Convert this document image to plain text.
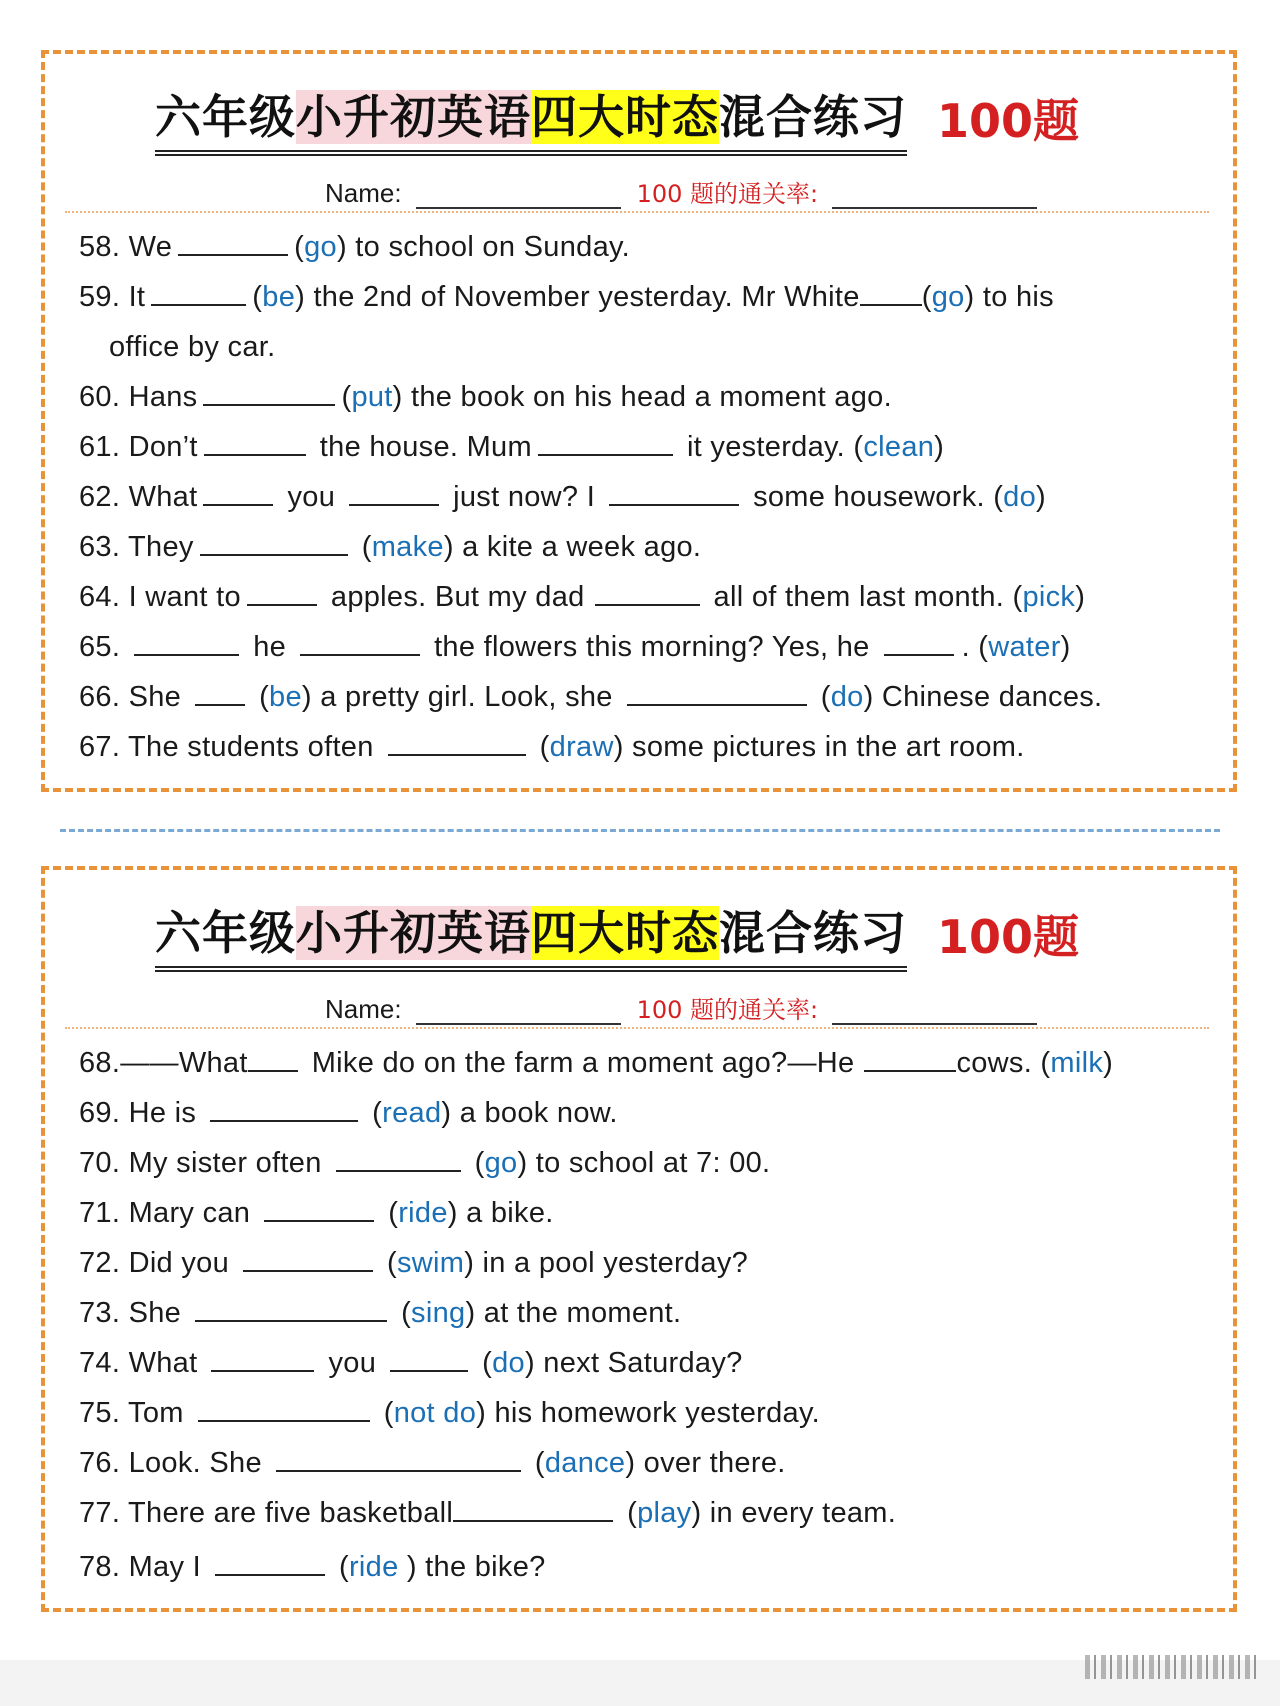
六年级小升初英语四大时态混合练习 100题
Name:	100 题的通关率:
58. We	(go) to school on Sunday.
59. It	(be) the 2nd of November yesterday. Mr White (go) to his
office by car.
60. Hans	(put) the book on his head a moment ago.
61. Don’t	the house. Mum	it yesterday. (clean)
62. What	you	just now? I	some housework. (do)
63. They	(make) a kite a week ago.
64. I want to	apples. But my dad	all of them last month. (pick)
65.	he	the flowers this morning? Yes, he	. (water)
66. She	(be) a pretty girl. Look, she	(do) Chinese dances.
67. The students often	(draw) some pictures in the art room.
六年级小升初英语四大时态混合练习 100题
Name:	100 题的通关率:
68.——What Mike do on the farm a moment ago?—He	cows. (milk)
69. He is	(read) a book now.
70. My sister often	(go) to school at 7: 00.
71. Mary can	(ride) a bike.
72. Did you	(swim) in a pool yesterday?
73. She	(sing) at the moment.
74. What	you	(do) next Saturday?
75. Tom	(not do) his homework yesterday.
76. Look. She	(dance) over there.
77. There are five basketball	(play) in every team.
78. May I	(ride ) the bike?
